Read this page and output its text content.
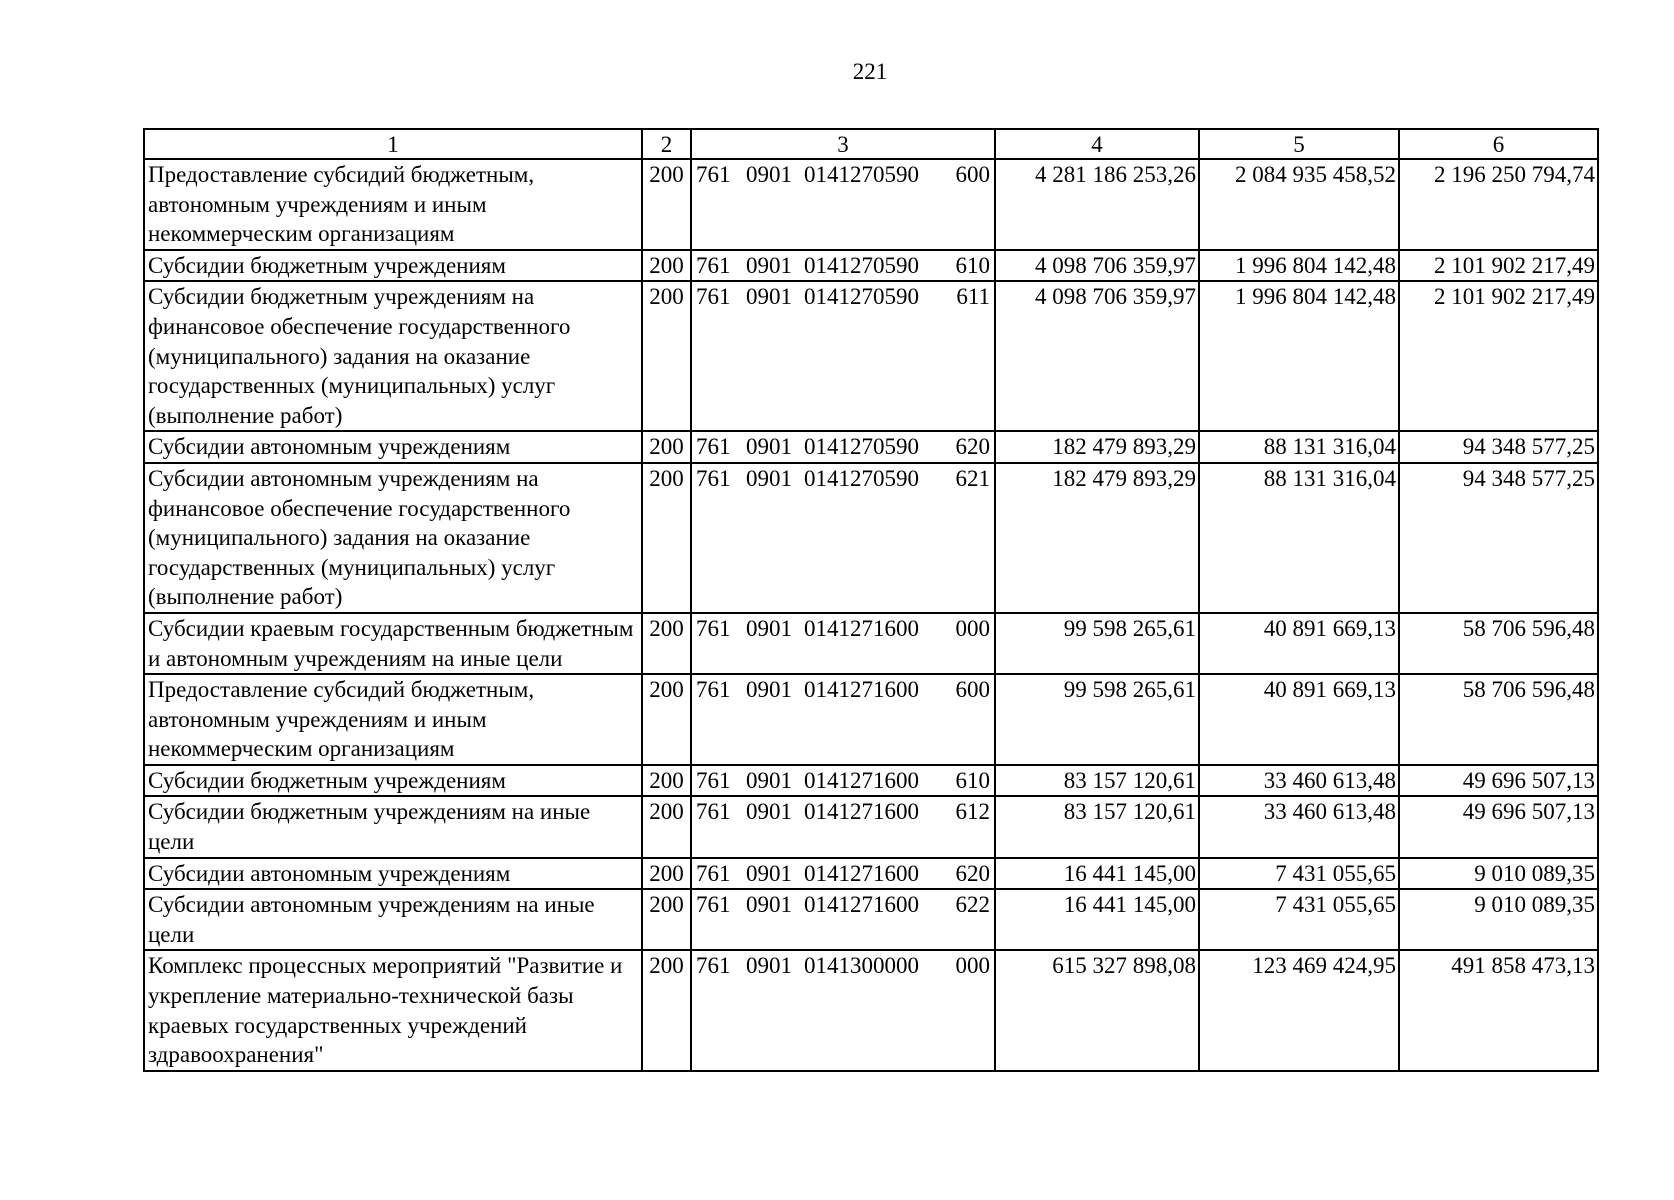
221
1	2	3	4	5	6
Предоставление субсидий бюджетным, автономным учреждениям и иным некоммерческим организациям	200	761 0901 0141270590 600	4 281 186 253,26	2 084 935 458,52	2 196 250 794,74
Субсидии бюджетным учреждениям	200	761 0901 0141270590 610	4 098 706 359,97	1 996 804 142,48	2 101 902 217,49
Субсидии бюджетным учреждениям на финансовое обеспечение государственного (муниципального) задания на оказание государственных (муниципальных) услуг (выполнение работ)	200	761 0901 0141270590 611	4 098 706 359,97	1 996 804 142,48	2 101 902 217,49
Субсидии автономным учреждениям	200	761 0901 0141270590 620	182 479 893,29	88 131 316,04	94 348 577,25
Субсидии автономным учреждениям на финансовое обеспечение государственного (муниципального) задания на оказание государственных (муниципальных) услуг (выполнение работ)	200	761 0901 0141270590 621	182 479 893,29	88 131 316,04	94 348 577,25
Субсидии краевым государственным бюджетным и автономным учреждениям на иные цели	200	761 0901 0141271600 000	99 598 265,61	40 891 669,13	58 706 596,48
Предоставление субсидий бюджетным, автономным учреждениям и иным некоммерческим организациям	200	761 0901 0141271600 600	99 598 265,61	40 891 669,13	58 706 596,48
Субсидии бюджетным учреждениям	200	761 0901 0141271600 610	83 157 120,61	33 460 613,48	49 696 507,13
Субсидии бюджетным учреждениям на иные цели	200	761 0901 0141271600 612	83 157 120,61	33 460 613,48	49 696 507,13
Субсидии автономным учреждениям	200	761 0901 0141271600 620	16 441 145,00	7 431 055,65	9 010 089,35
Субсидии автономным учреждениям на иные цели	200	761 0901 0141271600 622	16 441 145,00	7 431 055,65	9 010 089,35
Комплекс процессных мероприятий "Развитие и укрепление материально-технической базы краевых государственных учреждений здравоохранения"	200	761 0901 0141300000 000	615 327 898,08	123 469 424,95	491 858 473,13
